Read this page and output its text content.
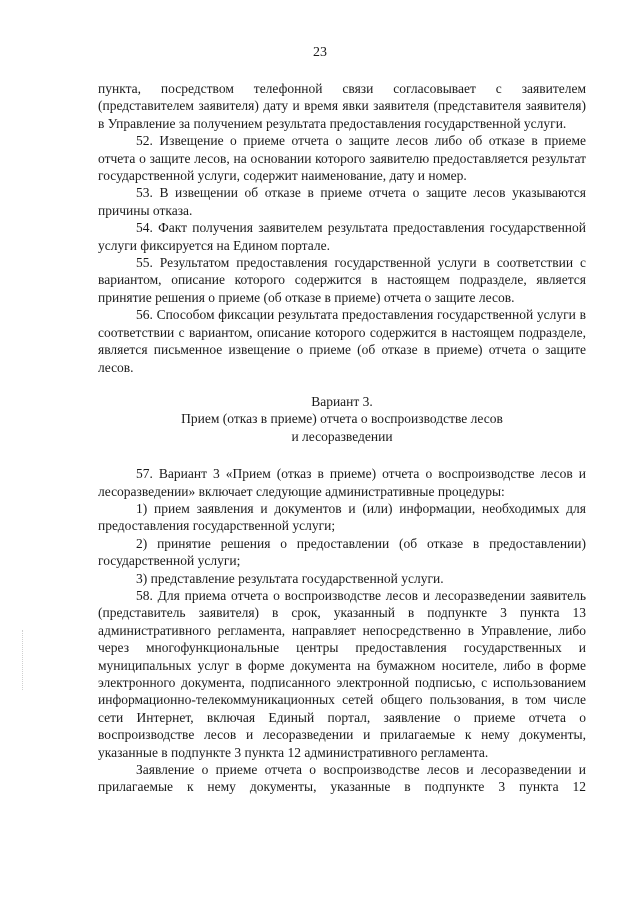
23

пункта, посредством телефонной связи согласовывает с заявителем (представителем заявителя) дату и время явки заявителя (представителя заявителя) в Управление за получением результата предоставления государственной услуги.

52. Извещение о приеме отчета о защите лесов либо об отказе в приеме отчета о защите лесов, на основании которого заявителю предоставляется результат государственной услуги, содержит наименование, дату и номер.

53. В извещении об отказе в приеме отчета о защите лесов указываются причины отказа.

54. Факт получения заявителем результата предоставления государственной услуги фиксируется на Едином портале.

55. Результатом предоставления государственной услуги в соответствии с вариантом, описание которого содержится в настоящем подразделе, является принятие решения о приеме (об отказе в приеме) отчета о защите лесов.

56. Способом фиксации результата предоставления государственной услуги в соответствии с вариантом, описание которого содержится в настоящем подразделе, является письменное извещение о приеме (об отказе в приеме) отчета о защите лесов.

Вариант 3.

Прием (отказ в приеме) отчета о воспроизводстве лесов

и лесоразведении

57. Вариант 3 «Прием (отказ в приеме) отчета о воспроизводстве лесов и лесоразведении» включает следующие административные процедуры:

1) прием заявления и документов и (или) информации, необходимых для предоставления государственной услуги;

2) принятие решения о предоставлении (об отказе в предоставлении) государственной услуги;

3) представление результата государственной услуги.

58. Для приема отчета о воспроизводстве лесов и лесоразведении заявитель (представитель заявителя) в срок, указанный в подпункте 3 пункта 13 административного регламента, направляет непосредственно в Управление, либо через многофункциональные центры предоставления государственных и муниципальных услуг в форме документа на бумажном носителе, либо в форме электронного документа, подписанного электронной подписью, с использованием информационно-телекоммуникационных сетей общего пользования, в том числе сети Интернет, включая Единый портал, заявление о приеме отчета о воспроизводстве лесов и лесоразведении и прилагаемые к нему документы, указанные в подпункте 3 пункта 12 административного регламента.

Заявление о приеме отчета о воспроизводстве лесов и лесоразведении и прилагаемые к нему документы, указанные в подпункте 3 пункта 12
